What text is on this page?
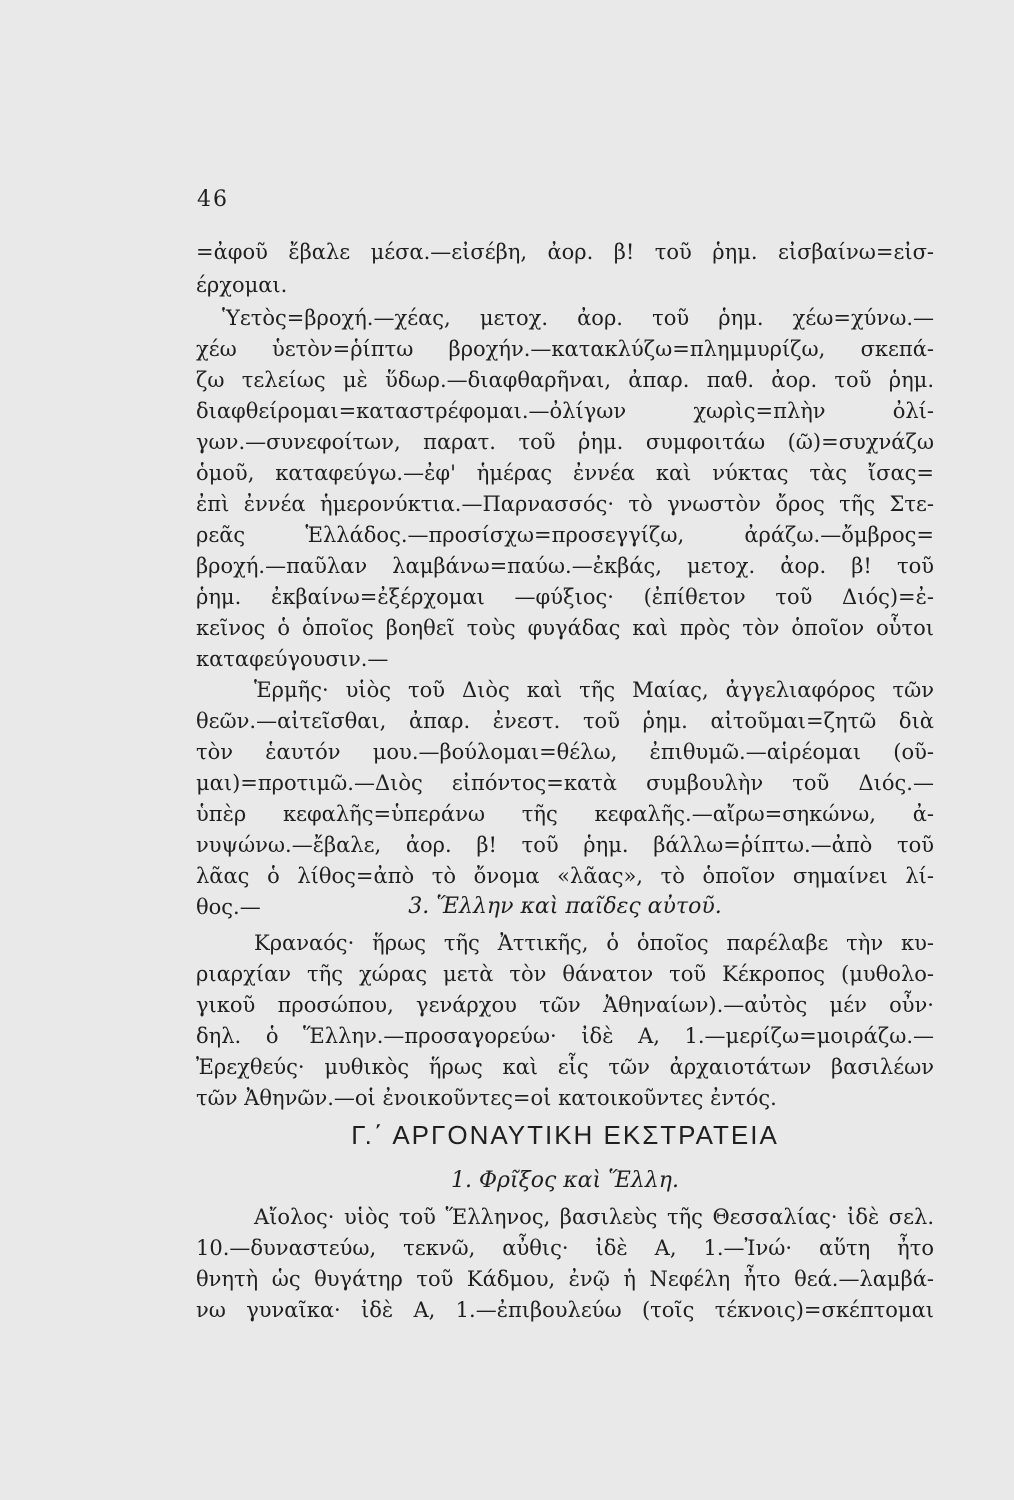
46
=ἀφοῦ ἔβαλε μέσα.—εἰσέβη, ἀορ. β! τοῦ ῥημ. εἰσβαίνω=εἰσ-
έρχομαι.
Ὑετὸς=βροχή.—χέας, μετοχ. ἀορ. τοῦ ῥημ. χέω=χύνω.—
χέω ὑετὸν=ῥίπτω βροχήν.—κατακλύζω=πλημμυρίζω, σκεπά-
ζω τελείως μὲ ὕδωρ.—διαφθαρῆναι, ἀπαρ. παθ. ἀορ. τοῦ ῥημ.
διαφθείρομαι=καταστρέφομαι.—ὀλίγων χωρὶς=πλὴν ὀλί-
γων.—συνεφοίτων, παρατ. τοῦ ῥημ. συμφοιτάω (ῶ)=συχνάζω
ὁμοῦ, καταφεύγω.—ἐφ' ἡμέρας ἐννέα καὶ νύκτας τὰς ἴσας=
ἐπὶ ἐννέα ἡμερονύκτια.—Παρνασσός· τὸ γνωστὸν ὄρος τῆς Στε-
ρεᾶς Ἑλλάδος.—προσίσχω=προσεγγίζω, ἀράζω.—ὄμβρος=
βροχή.—παῦλαν λαμβάνω=παύω.—ἐκβάς, μετοχ. ἀορ. β! τοῦ
ῥημ. ἐκβαίνω=ἐξέρχομαι —φύξιος· (ἐπίθετον τοῦ Διός)=ἐ-
κεῖνος ὁ ὁποῖος βοηθεῖ τοὺς φυγάδας καὶ πρὸς τὸν ὁποῖον οὗτοι
καταφεύγουσιν.—
Ἑρμῆς· υἱὸς τοῦ Διὸς καὶ τῆς Μαίας, ἀγγελιαφόρος τῶν
θεῶν.—αἰτεῖσθαι, ἀπαρ. ἐνεστ. τοῦ ῥημ. αἰτοῦμαι=ζητῶ διὰ
τὸν ἑαυτόν μου.—βούλομαι=θέλω, ἐπιθυμῶ.—αἱρέομαι (οῦ-
μαι)=προτιμῶ.—Διὸς εἰπόντος=κατὰ συμβουλὴν τοῦ Διός.—
ὑπὲρ κεφαλῆς=ὑπεράνω τῆς κεφαλῆς.—αἴρω=σηκώνω, ἀ-
νυψώνω.—ἔβαλε, ἀορ. β! τοῦ ῥημ. βάλλω=ῥίπτω.—ἀπὸ τοῦ
λᾶας ὁ λίθος=ἀπὸ τὸ ὄνομα «λᾶας», τὸ ὁποῖον σημαίνει λί-
θος.—	3. Ἕλλην καὶ παῖδες αὐτοῦ.
Κραναός· ἥρως τῆς Ἀττικῆς, ὁ ὁποῖος παρέλαβε τὴν κυ-
ριαρχίαν τῆς χώρας μετὰ τὸν θάνατον τοῦ Κέκροπος (μυθολο-
γικοῦ προσώπου, γενάρχου τῶν Ἀθηναίων).—αὐτὸς μέν οὖν·
δηλ. ὁ Ἕλλην.—προσαγορεύω· ἰδὲ Α, 1.—μερίζω=μοιράζω.—
Ἐρεχθεύς· μυθικὸς ἥρως καὶ εἷς τῶν ἀρχαιοτάτων βασιλέων
τῶν Ἀθηνῶν.—οἱ ἐνοικοῦντες=οἱ κατοικοῦντες ἐντός.
Γ.΄ ΑΡΓΟΝΑΥΤΙΚΗ ΕΚΣΤΡΑΤΕΙΑ
1. Φρῖξος καὶ Ἕλλη.
Αἴολος· υἱὸς τοῦ Ἕλληνος, βασιλεὺς τῆς Θεσσαλίας· ἰδὲ σελ.
10.—δυναστεύω, τεκνῶ, αὖθις· ἰδὲ Α, 1.—Ἰνώ· αὕτη ἦτο
θνητὴ ὡς θυγάτηρ τοῦ Κάδμου, ἐνῷ ἡ Νεφέλη ἦτο θεά.—λαμβά-
νω γυναῖκα· ἰδὲ Α, 1.—ἐπιβουλεύω (τοῖς τέκνοις)=σκέπτομαι
